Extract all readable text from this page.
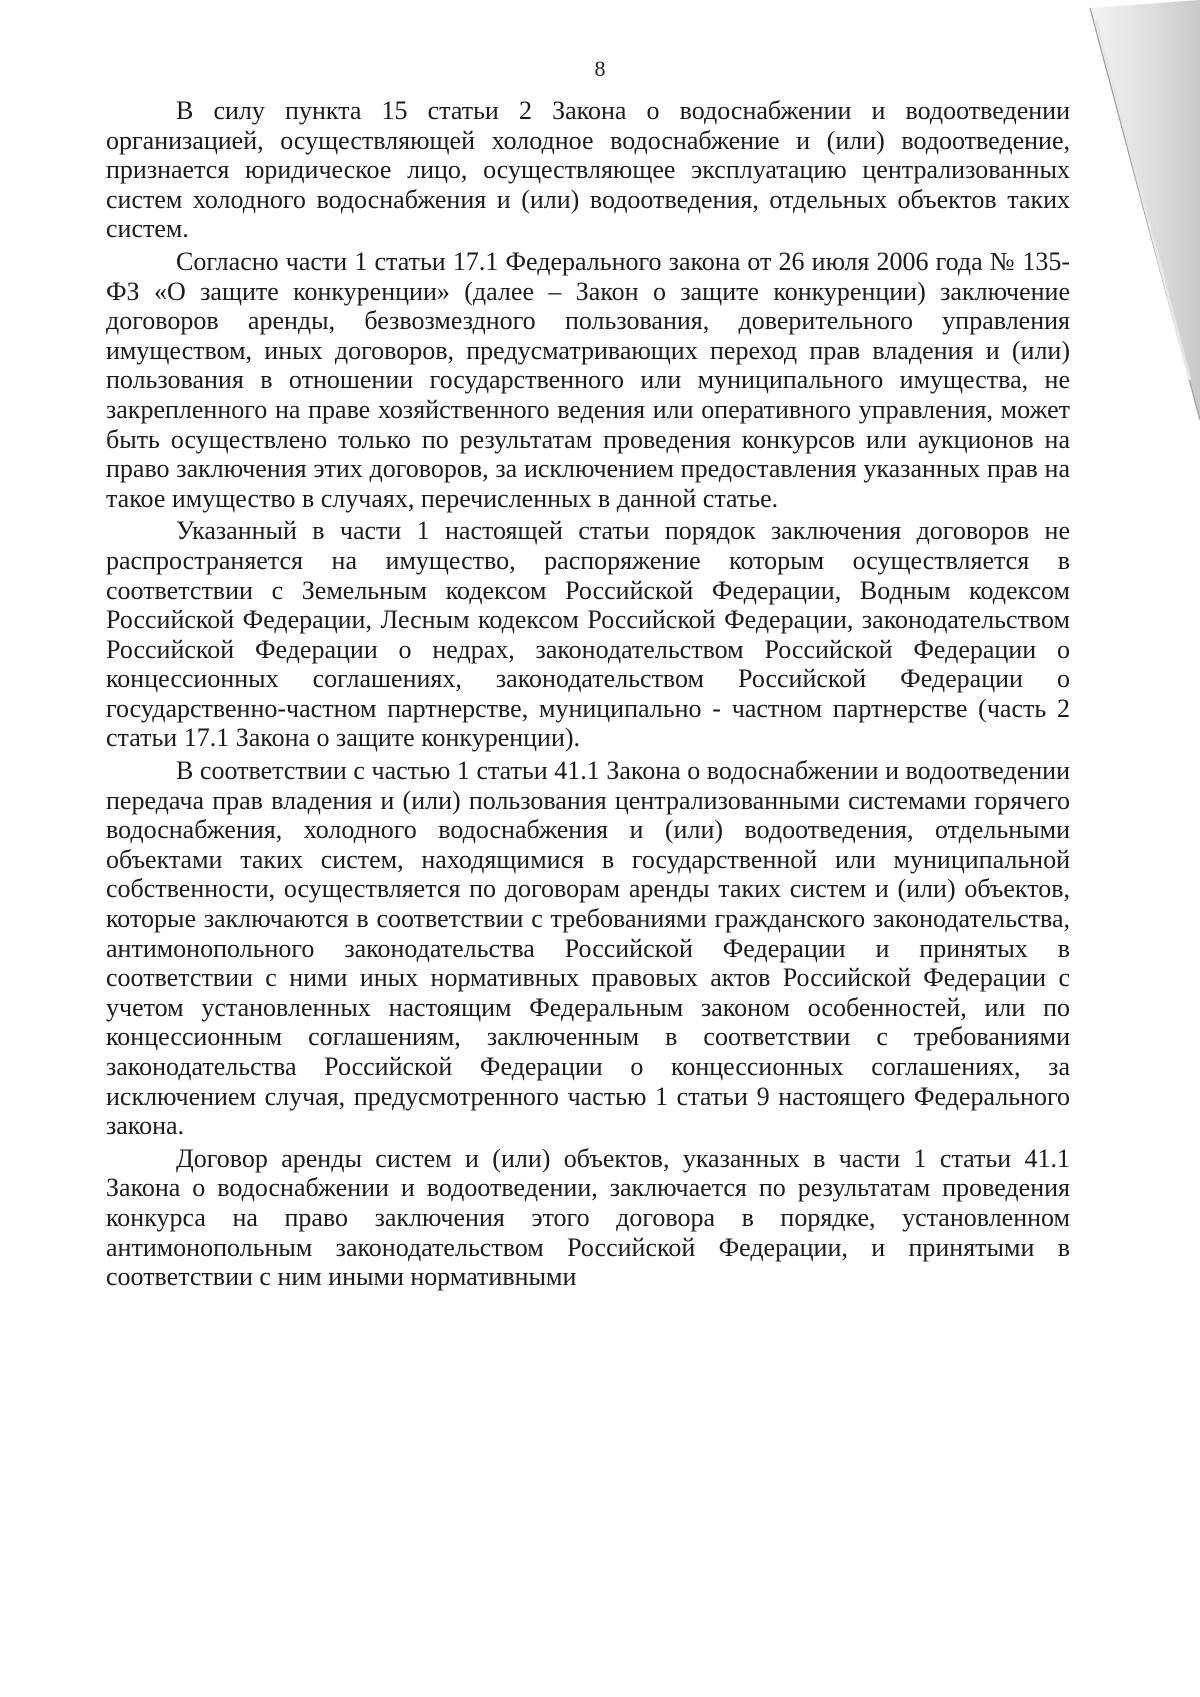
8

В силу пункта 15 статьи 2 Закона о водоснабжении и водоотведении организацией, осуществляющей холодное водоснабжение и (или) водоотведение, признается юридическое лицо, осуществляющее эксплуатацию централизованных систем холодного водоснабжения и (или) водоотведения, отдельных объектов таких систем.

Согласно части 1 статьи 17.1 Федерального закона от 26 июля 2006 года № 135-ФЗ «О защите конкуренции» (далее – Закон о защите конкуренции) заключение договоров аренды, безвозмездного пользования, доверительного управления имуществом, иных договоров, предусматривающих переход прав владения и (или) пользования в отношении государственного или муниципального имущества, не закрепленного на праве хозяйственного ведения или оперативного управления, может быть осуществлено только по результатам проведения конкурсов или аукционов на право заключения этих договоров, за исключением предоставления указанных прав на такое имущество в случаях, перечисленных в данной статье.

Указанный в части 1 настоящей статьи порядок заключения договоров не распространяется на имущество, распоряжение которым осуществляется в соответствии с Земельным кодексом Российской Федерации, Водным кодексом Российской Федерации, Лесным кодексом Российской Федерации, законодательством Российской Федерации о недрах, законодательством Российской Федерации о концессионных соглашениях, законодательством Российской Федерации о государственно-частном партнерстве, муниципально - частном партнерстве (часть 2 статьи 17.1 Закона о защите конкуренции).

В соответствии с частью 1 статьи 41.1 Закона о водоснабжении и водоотведении передача прав владения и (или) пользования централизованными системами горячего водоснабжения, холодного водоснабжения и (или) водоотведения, отдельными объектами таких систем, находящимися в государственной или муниципальной собственности, осуществляется по договорам аренды таких систем и (или) объектов, которые заключаются в соответствии с требованиями гражданского законодательства, антимонопольного законодательства Российской Федерации и принятых в соответствии с ними иных нормативных правовых актов Российской Федерации с учетом установленных настоящим Федеральным законом особенностей, или по концессионным соглашениям, заключенным в соответствии с требованиями законодательства Российской Федерации о концессионных соглашениях, за исключением случая, предусмотренного частью 1 статьи 9 настоящего Федерального закона.

Договор аренды систем и (или) объектов, указанных в части 1 статьи 41.1 Закона о водоснабжении и водоотведении, заключается по результатам проведения конкурса на право заключения этого договора в порядке, установленном антимонопольным законодательством Российской Федерации, и принятыми в соответствии с ним иными нормативными
